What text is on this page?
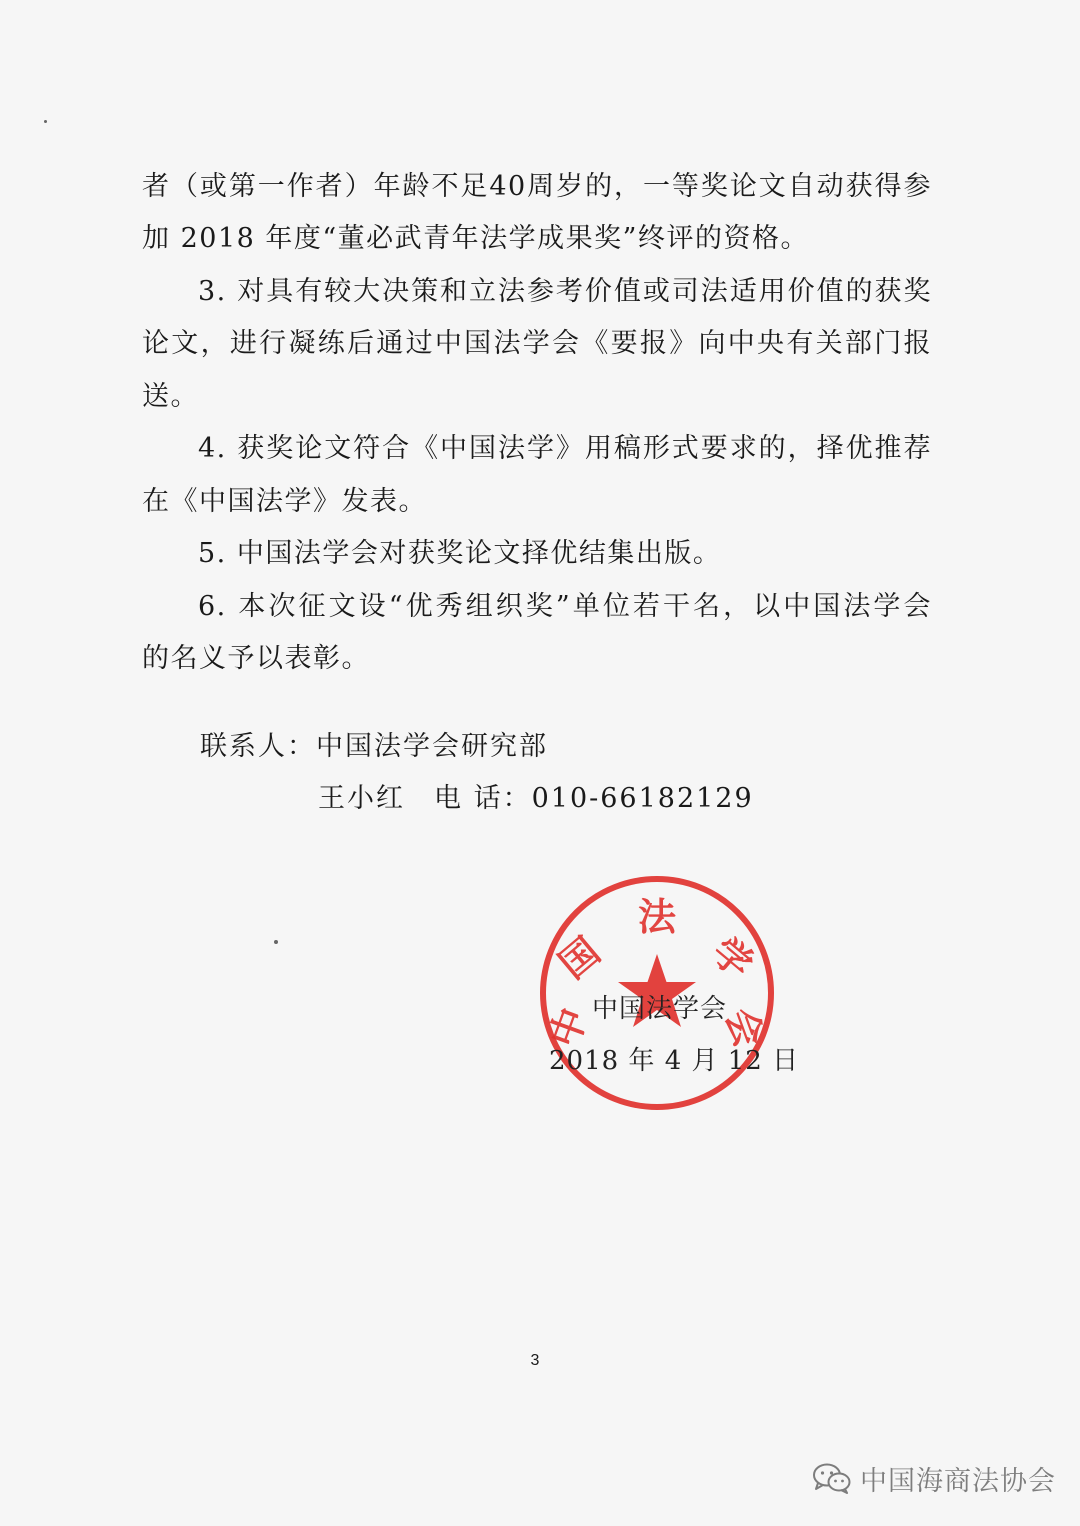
者（或第一作者）年龄不足40周岁的，一等奖论文自动获得参
加 2018 年度“董必武青年法学成果奖”终评的资格。
3. 对具有较大决策和立法参考价值或司法适用价值的获奖
论文，进行凝练后通过中国法学会《要报》向中央有关部门报
送。
4. 获奖论文符合《中国法学》用稿形式要求的，择优推荐
在《中国法学》发表。
5. 中国法学会对获奖论文择优结集出版。
6. 本次征文设“优秀组织奖”单位若干名，以中国法学会
的名义予以表彰。
联系人：中国法学会研究部
王小红　电 话：010-66182129
中
国
法
学
会
中国法学会
2018 年 4 月 12 日
3
中国海商法协会
